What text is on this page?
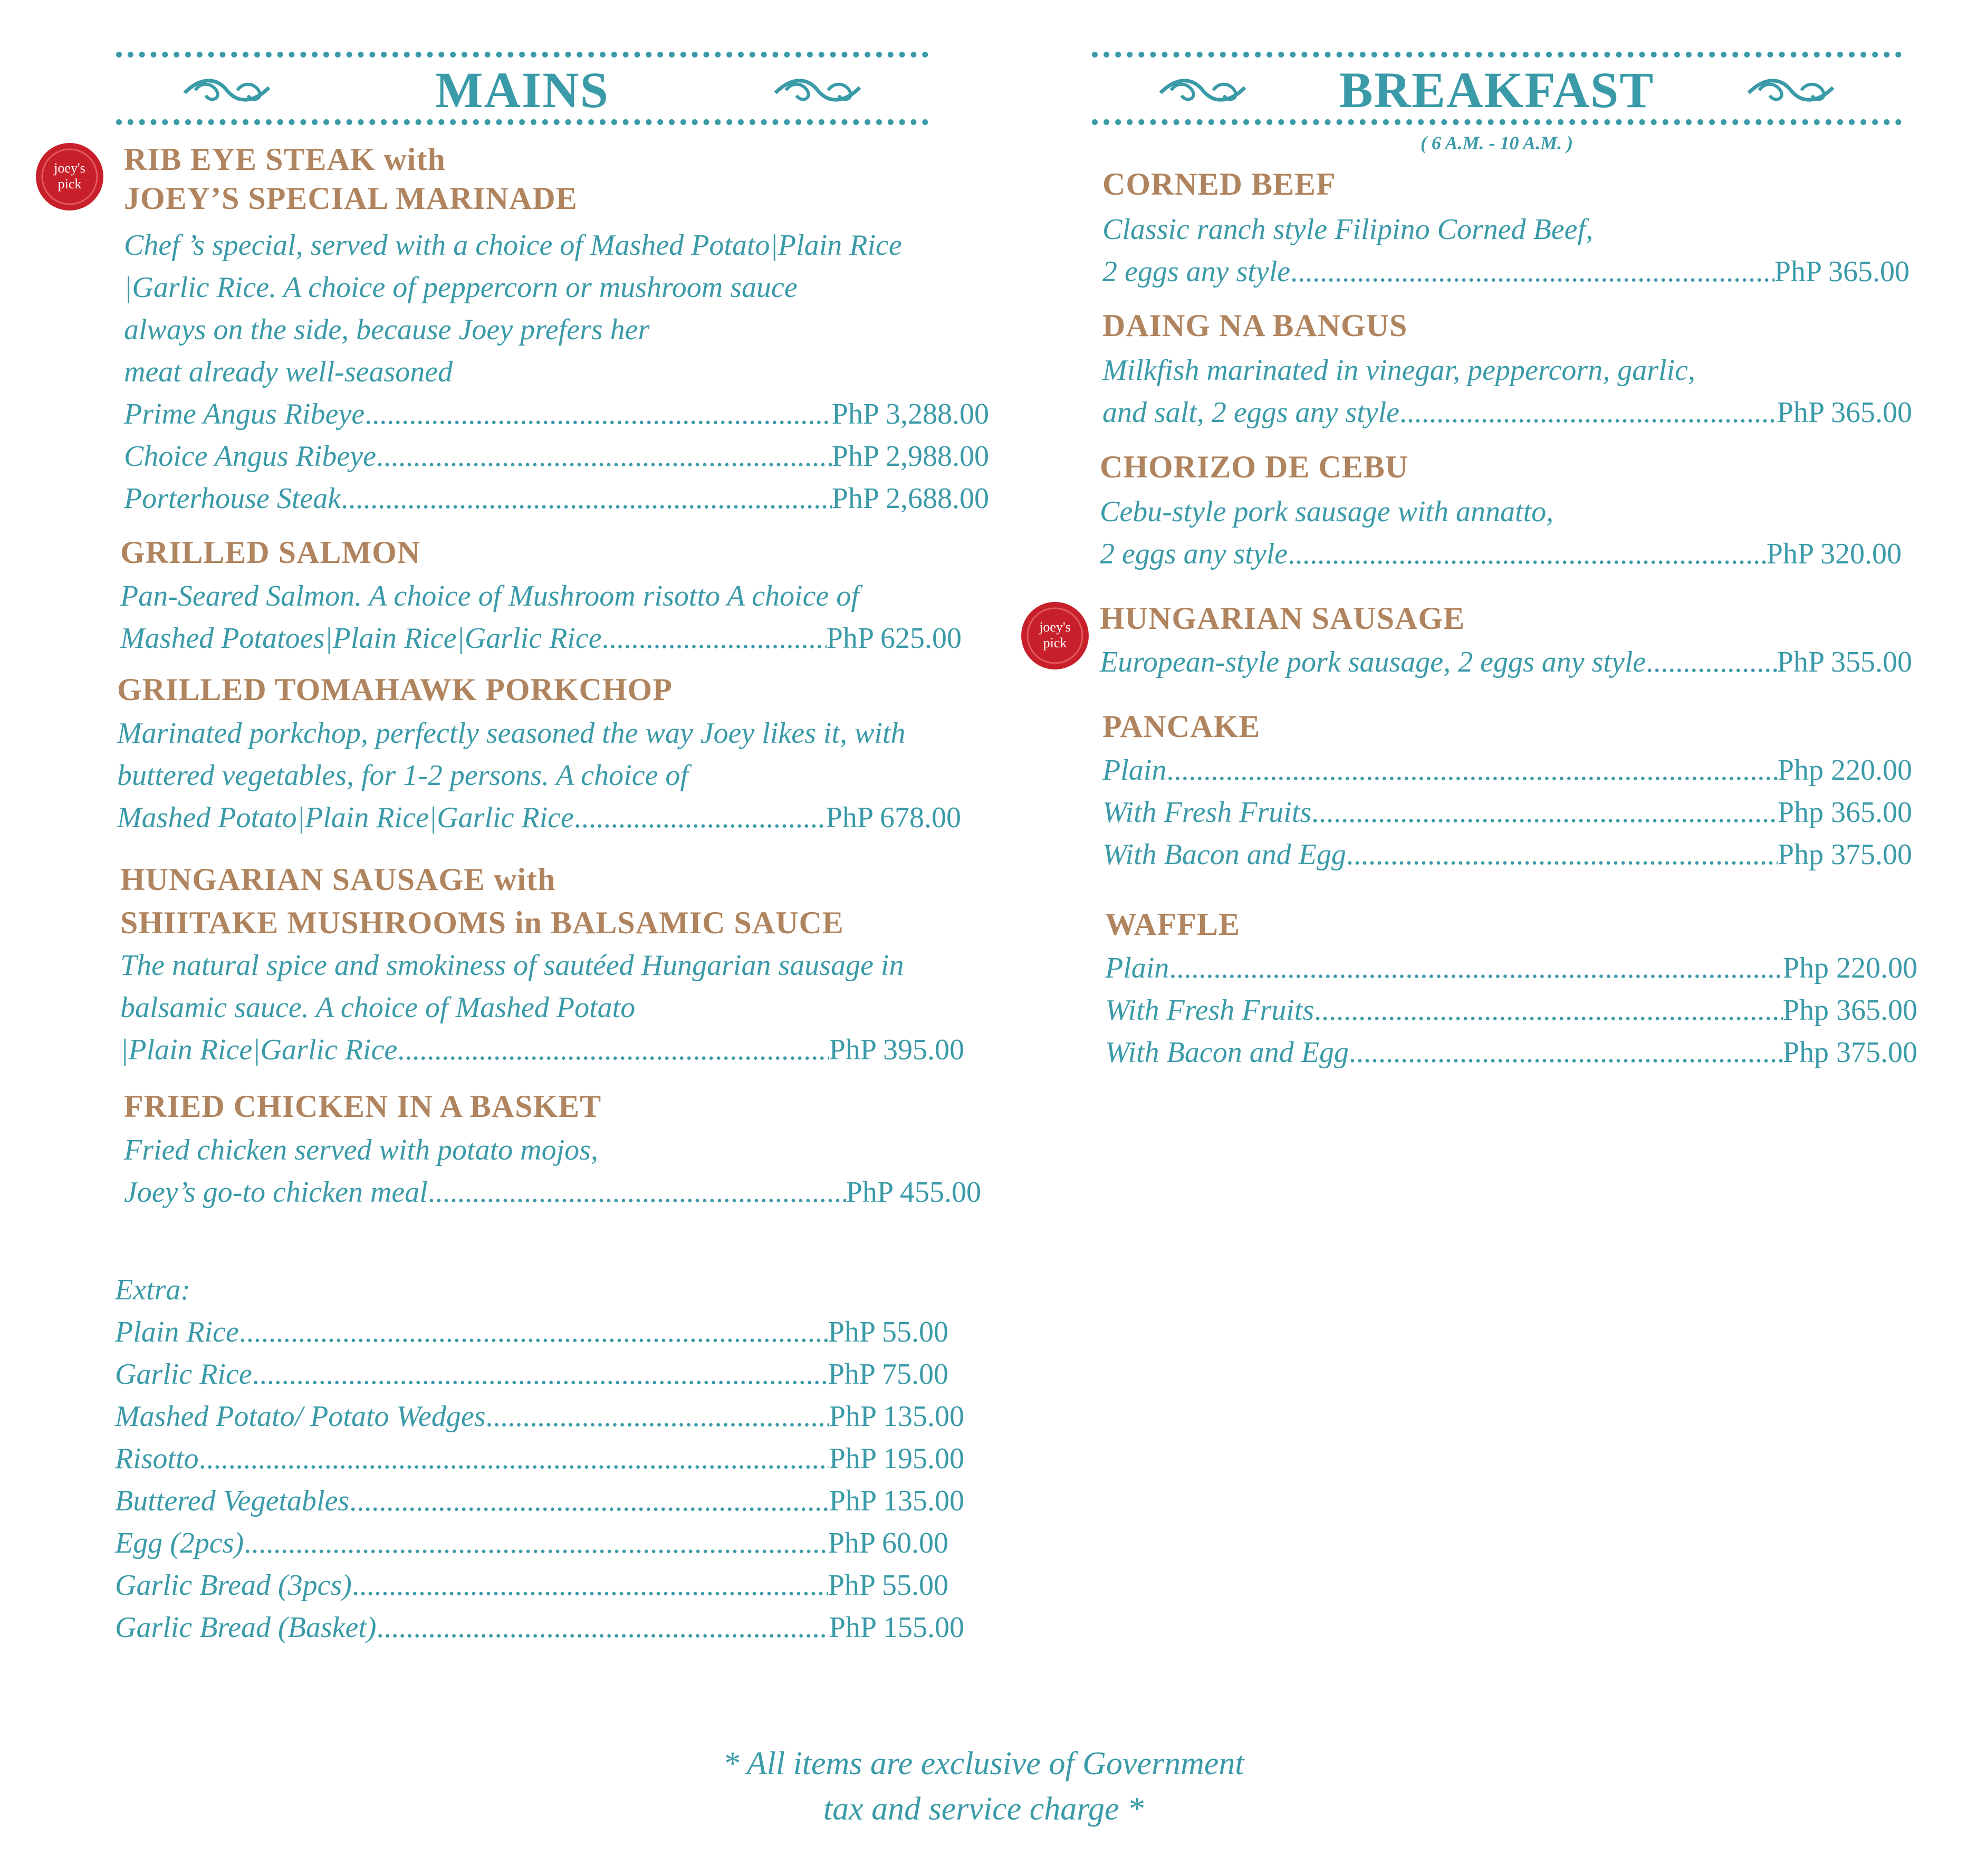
MAINS
joey's
pick
RIB EYE STEAK with
JOEY’S SPECIAL MARINADE
Chef ’s special, served with a choice of Mashed Potato|Plain Rice
|Garlic Rice. A choice of peppercorn or mushroom sauce
always on the side, because Joey prefers her
meat already well-seasoned
Prime Angus Ribeye .....	PhP 3,288.00
Choice Angus Ribeye .....	PhP 2,988.00
Porterhouse Steak .....	PhP 2,688.00
GRILLED SALMON
Pan-Seared Salmon. A choice of Mushroom risotto A choice of
Mashed Potatoes|Plain Rice|Garlic Rice .....	PhP 625.00
GRILLED TOMAHAWK PORKCHOP
Marinated porkchop, perfectly seasoned the way Joey likes it, with
buttered vegetables, for 1-2 persons. A choice of
Mashed Potato|Plain Rice|Garlic Rice .....	PhP 678.00
HUNGARIAN SAUSAGE with
SHIITAKE MUSHROOMS in BALSAMIC SAUCE
The natural spice and smokiness of sautéed Hungarian sausage in
balsamic sauce. A choice of Mashed Potato
|Plain Rice|Garlic Rice .....	PhP 395.00
FRIED CHICKEN IN A BASKET
Fried chicken served with potato mojos,
Joey’s go-to chicken meal .....	PhP 455.00
Extra:
Plain Rice .....	PhP 55.00
Garlic Rice .....	PhP 75.00
Mashed Potato/ Potato Wedges .....	PhP 135.00
Risotto .....	PhP 195.00
Buttered Vegetables .....	PhP 135.00
Egg (2pcs) .....	PhP 60.00
Garlic Bread (3pcs) .....	PhP 55.00
Garlic Bread (Basket) .....	PhP 155.00
BREAKFAST
( 6 A.M. - 10 A.M. )
CORNED BEEF
Classic ranch style Filipino Corned Beef,
2 eggs any style .....	PhP 365.00
DAING NA BANGUS
Milkfish marinated in vinegar, peppercorn, garlic,
and salt, 2 eggs any style .....	PhP 365.00
CHORIZO DE CEBU
Cebu-style pork sausage with annatto,
2 eggs any style .....	PhP 320.00
joey's
pick
HUNGARIAN SAUSAGE
European-style pork sausage, 2 eggs any style .....	PhP 355.00
PANCAKE
Plain .....	Php 220.00
With Fresh Fruits .....	Php 365.00
With Bacon and Egg .....	Php 375.00
WAFFLE
Plain .....	Php 220.00
With Fresh Fruits .....	Php 365.00
With Bacon and Egg .....	Php 375.00
* All items are exclusive of Government
tax and service charge *
